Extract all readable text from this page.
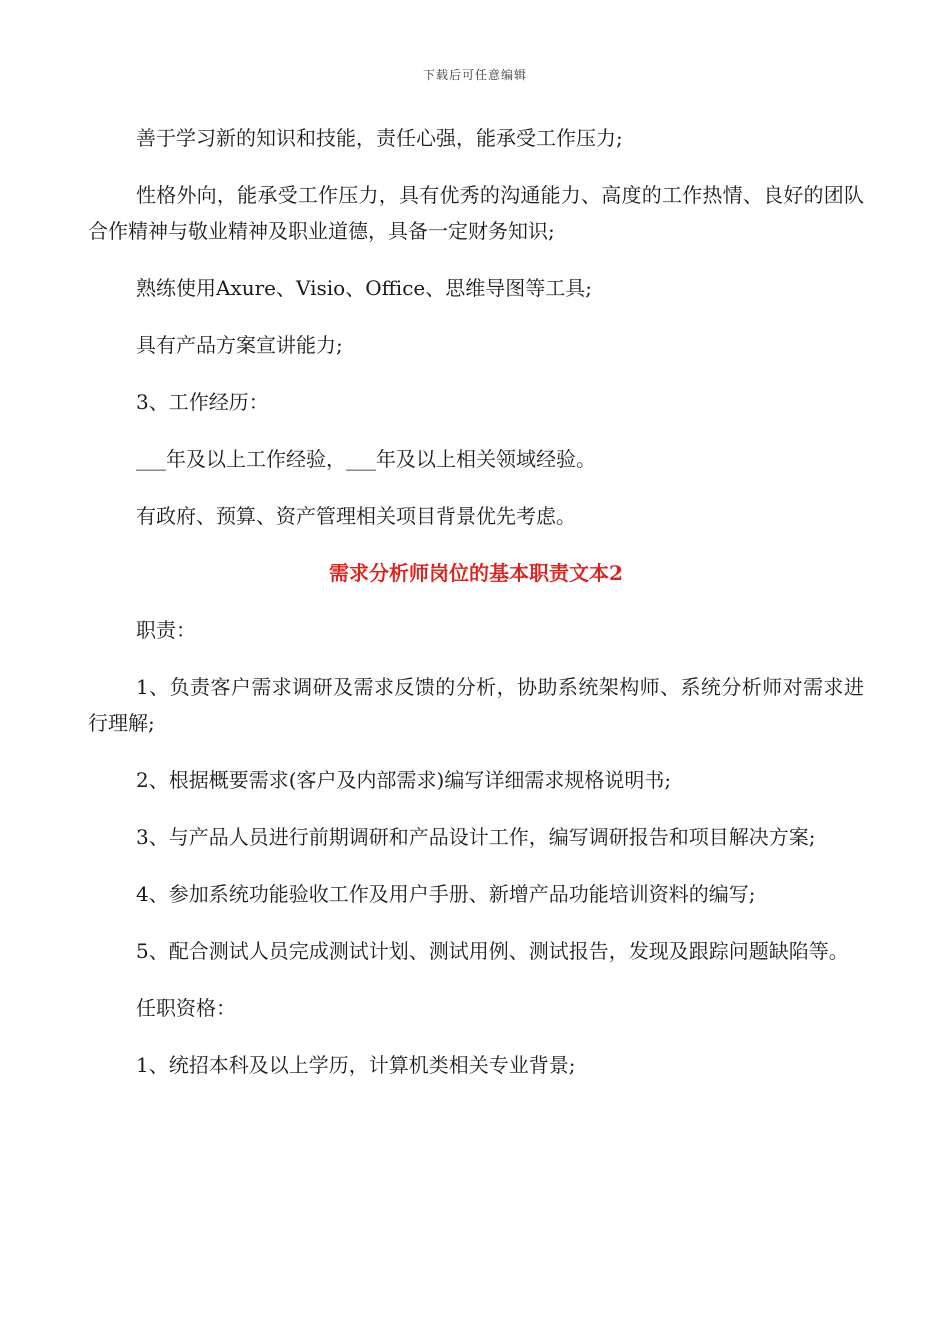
下载后可任意编辑

善于学习新的知识和技能，责任心强，能承受工作压力;

性格外向，能承受工作压力，具有优秀的沟通能力、高度的工作热情、良好的团队合作精神与敬业精神及职业道德，具备一定财务知识;

熟练使用Axure、Visio、Office、思维导图等工具;

具有产品方案宣讲能力;

3、工作经历：

___年及以上工作经验，___年及以上相关领域经验。

有政府、预算、资产管理相关项目背景优先考虑。

需求分析师岗位的基本职责文本2

职责：

1、负责客户需求调研及需求反馈的分析，协助系统架构师、系统分析师对需求进行理解;

2、根据概要需求(客户及内部需求)编写详细需求规格说明书;

3、与产品人员进行前期调研和产品设计工作，编写调研报告和项目解决方案;

4、参加系统功能验收工作及用户手册、新增产品功能培训资料的编写;

5、配合测试人员完成测试计划、测试用例、测试报告，发现及跟踪问题缺陷等。

任职资格：

1、统招本科及以上学历，计算机类相关专业背景;
